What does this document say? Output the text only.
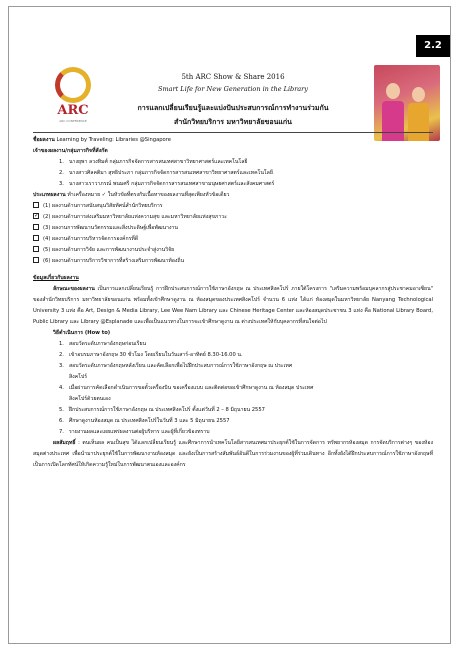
2.2
ARC
ARC CONFERENCE
5th ARC Show & Share 2016
Smart Life for New Generation in the Library
การแลกเปลี่ยนเรียนรู้และแบ่งปันประสบการณ์การทำงานร่วมกัน
สำนักวิทยบริการ มหาวิทยาลัยขอนแก่น
ชื่อผลงาน Learning by Traveling: Libraries @Singapore
เจ้าของผลงาน/กลุ่มภารกิจที่สังกัด
1. นางยุพา ลวงทิมศ์ กลุ่มภารกิจจัดการสารสนเทศสาขาวิทยาศาสตร์และเทคโนโลยี
2. นางสาวศิลคติมา สุทธิประภา กลุ่มภารกิจจัดการสารสนเทศสาขาวิทยาศาสตร์และเทคโนโลยี
3. นางสาวเราวาภรณ์ พนมศรี กลุ่มภารกิจจัดการสารสนเทศสาขามนุษยศาสตร์และสังคมศาสตร์
ประเภทผลงาน ทำเครื่องหมาย ✓ ในหัวข้อที่ตรงกับเนื้อหาของผลงานที่สุดเพียงหัวข้อเดียว
(1) ผลงานด้านการสนับสนุนวิสัยทัศน์สำนักวิทยบริการ
✓ (2) ผลงานด้านการส่งเสริมมหาวิทยาลัยแห่งความสุข และมหาวิทยาลัยแห่งสุขภาวะ
(3) ผลงานการพัฒนานวัตกรรมและสิ่งประดิษฐ์เพื่อพัฒนางาน
(4) ผลงานด้านการบริหารจัดการองค์กรที่ดี
(5) ผลงานด้านการวิจัย และการพัฒนางานประจำสู่งานวิจัย
(6) ผลงานด้านการบริการวิชาการที่สร้างเสริมการพัฒนาท้องถิ่น
ข้อมูลเกี่ยวกับผลงาน
ลักษณะของผลงาน เป็นการแลกเปลี่ยนเรียนรู้ การฝึกประสบการณ์การใช้ภาษาอังกฤษ ณ ประเทศสิงคโปร์ ภายใต้โครงการ "เสริมความพร้อมบุคลากรสู่ประชาคมอาเซียน" ของสำนักวิทยบริการ มหาวิทยาลัยขอนแก่น พร้อมทั้งเข้าศึกษาดูงาน ณ ห้องสมุดของประเทศสิงคโปร์ จำนวน 6 แห่ง ได้แก่ ห้องสมุดในมหาวิทยาลัย Nanyang Technological University 3 แห่ง คือ Art, Design & Media Library, Lee Wee Nam Library และ Chinese Heritage Center และห้องสมุดประชาชน 3 แห่ง คือ National Library Board, Public Library และ Library @Esplanade และเพื่อเป็นแนวทางในการจะเข้าศึกษาดูงาน ณ ต่างประเทศให้กับบุคลากรที่สนใจต่อไป
วิธีดำเนินการ (How to)
1. สอบวัดระดับภาษาอังกฤษก่อนเรียน
2. เข้าอบรมภาษาอังกฤษ 30 ชั่วโมง โดยเรียนในวันเสาร์-อาทิตย์ 8.30-16.00 น.
3. สอบวัดระดับภาษาอังกฤษหลังเรียน และคัดเลือกเพื่อไปฝึกประสบการณ์การใช้ภาษาอังกฤษ ณ ประเทศ
สิงคโปร์
4. เมื่อผ่านการคัดเลือกดำเนินการขอตั๋วเครื่องบิน ขอเครื่องแบบ และติดต่อขอเข้าศึกษาดูงาน ณ ห้องสมุด ประเทศ
สิงคโปร์ด้วยตนเอง
5. ฝึกประสบการณ์การใช้ภาษาอังกฤษ ณ ประเทศสิงคโปร์ ตั้งแต่วันที่ 2 – 8 มิถุนายน 2557
6. ศึกษาดูงานห้องสมุด ณ ประเทศสิงคโปร์ในวันที่ 3 และ 5 มิถุนายน 2557
7. รายงานผลและเผยแพร่ผลงานต่อผู้บริหาร และผู้ที่เกี่ยวข้องทราบ
ผลสัมฤทธิ์ : ตนเห็นผล คนเป็นสุข ได้แลกเปลี่ยนเรียนรู้ และศึกษาการนำเทคโนโลยีสารสนเทศมาประยุกต์ใช้ในการจัดการ ทรัพยากรห้องสมุด การจัดบริการต่างๆ ของห้องสมุดต่างประเทศ เพื่อนำมาประยุกต์ใช้ในการพัฒนางานห้องสมุด และยังเป็นการสร้างสัมพันธ์อันดีในการร่วมงานของผู้ที่ร่วมเดินทาง อีกทั้งยังได้ฝึกประสบการณ์การใช้ภาษาอังกฤษที่เป็นการเปิดโลกทัศน์ให้เกิดความรู้ใหม่ในการพัฒนาตนเองและองค์กร
